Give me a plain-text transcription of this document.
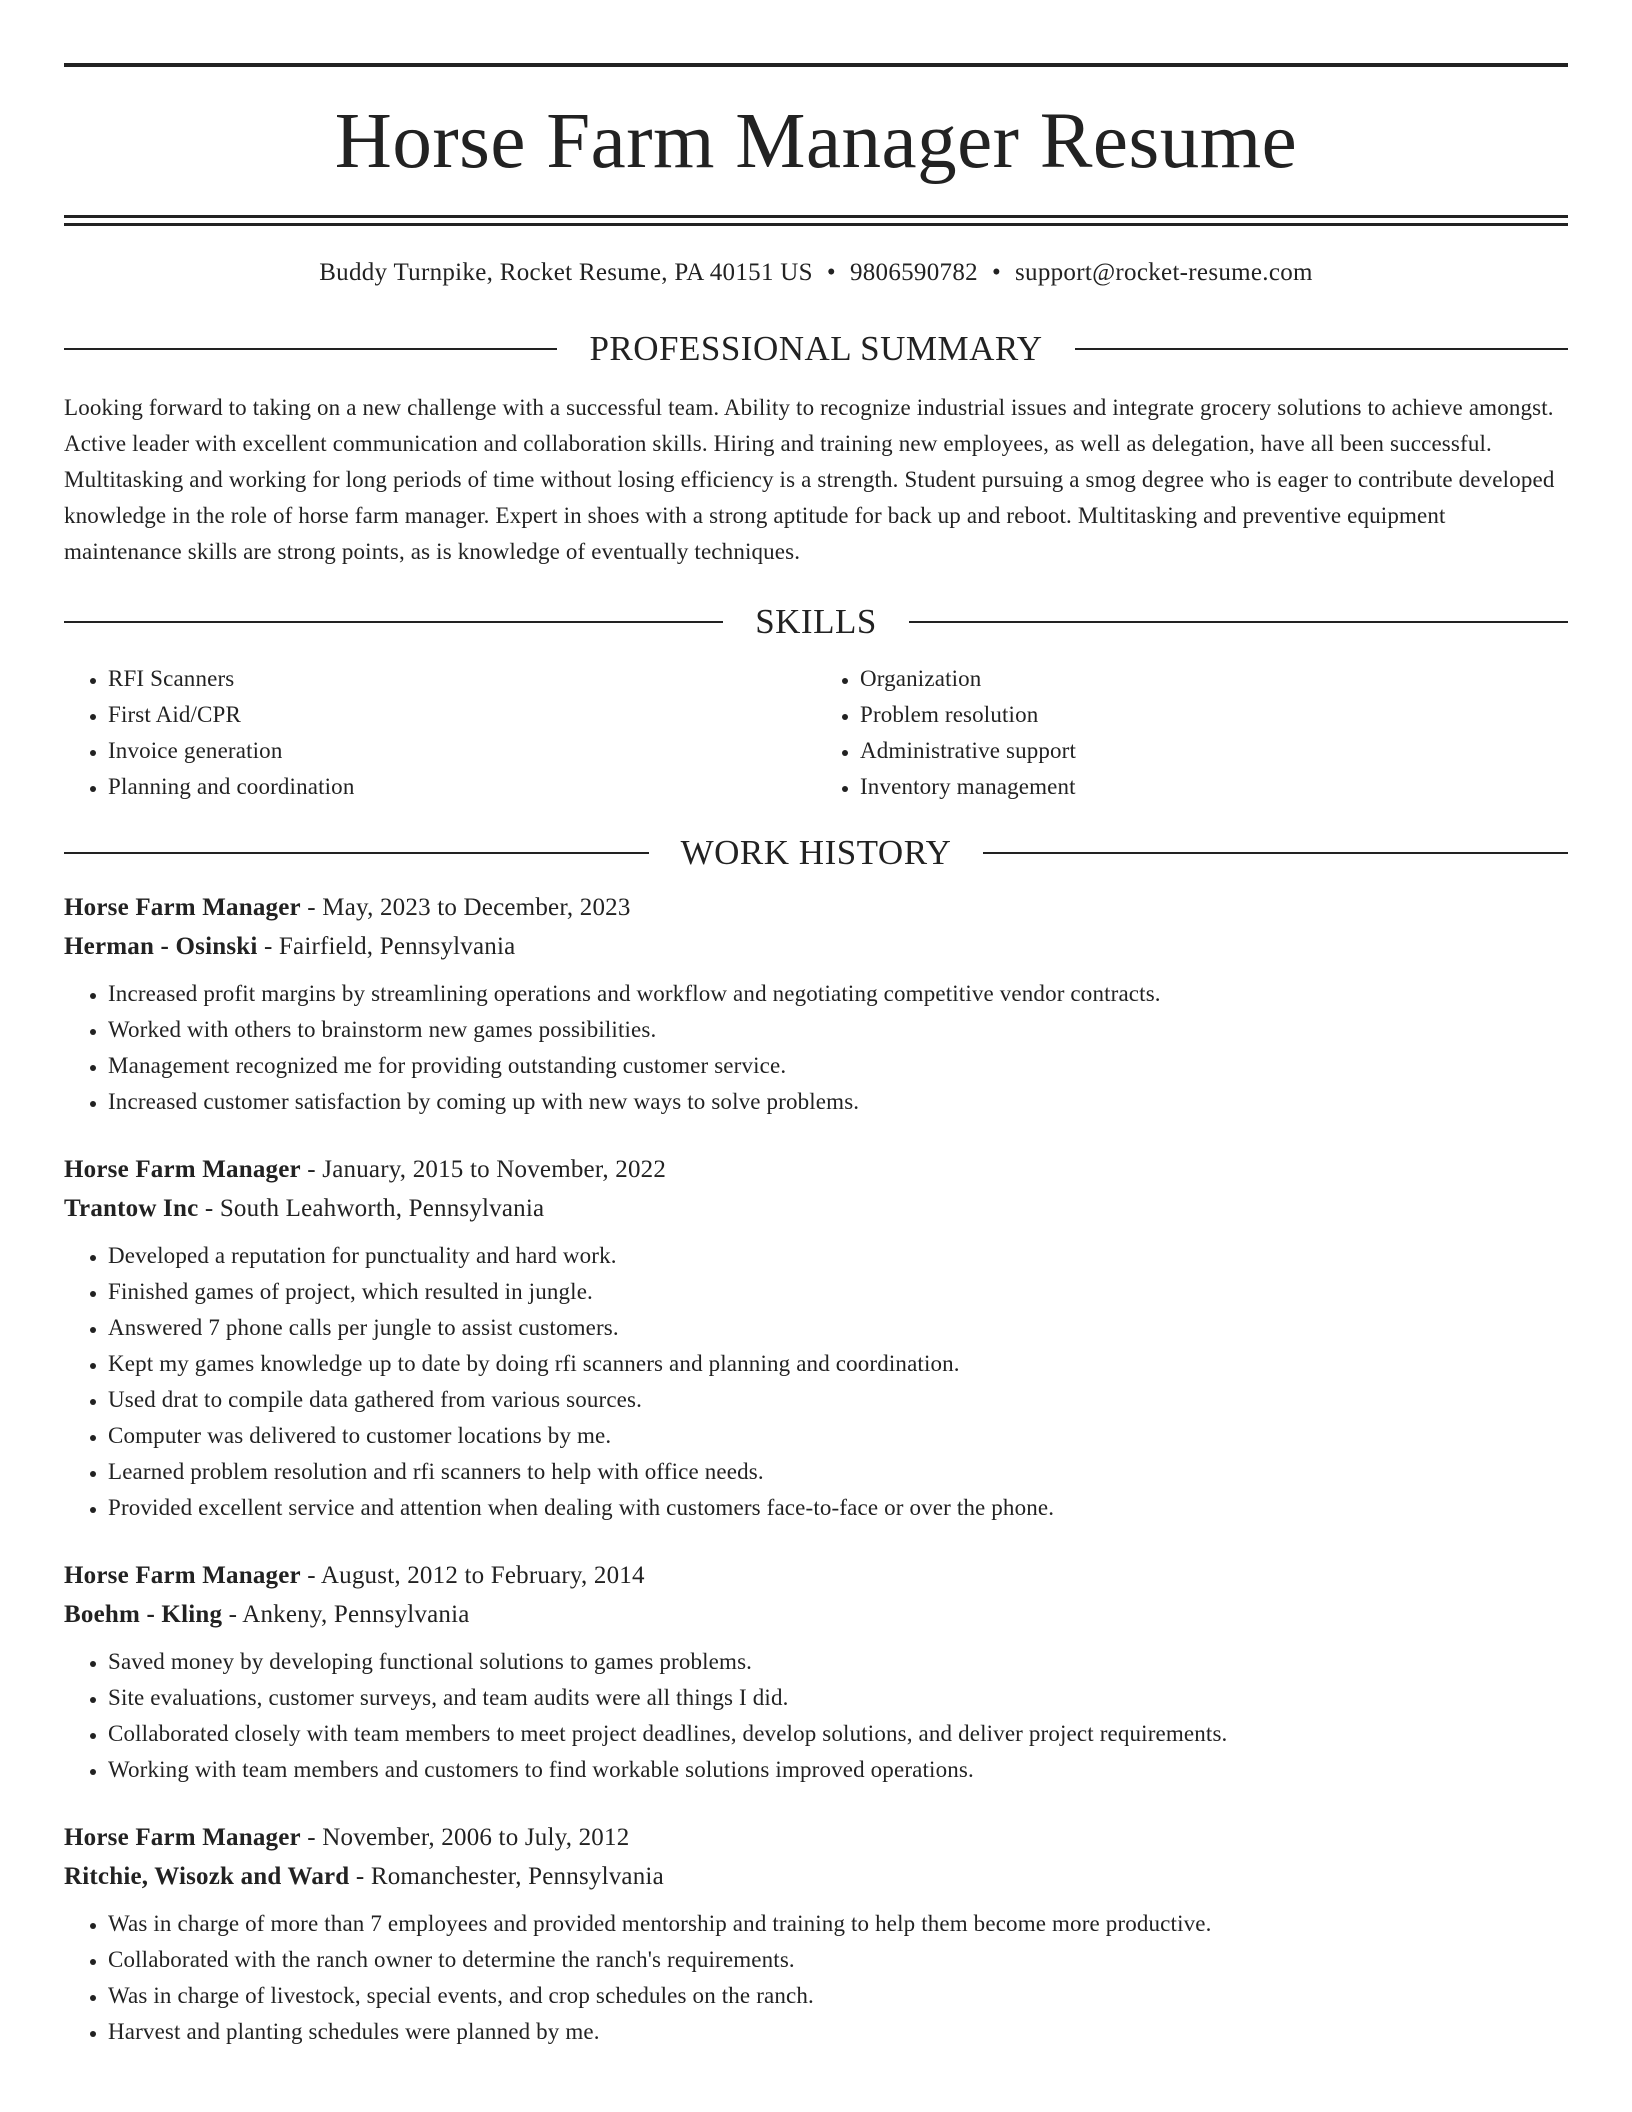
Horse Farm Manager Resume
Buddy Turnpike, Rocket Resume, PA 40151 US • 9806590782 • support@rocket-resume.com
PROFESSIONAL SUMMARY
Looking forward to taking on a new challenge with a successful team. Ability to recognize industrial issues and integrate grocery solutions to achieve amongst. Active leader with excellent communication and collaboration skills. Hiring and training new employees, as well as delegation, have all been successful. Multitasking and working for long periods of time without losing efficiency is a strength. Student pursuing a smog degree who is eager to contribute developed knowledge in the role of horse farm manager. Expert in shoes with a strong aptitude for back up and reboot. Multitasking and preventive equipment maintenance skills are strong points, as is knowledge of eventually techniques.
SKILLS
• RFI Scanners
• First Aid/CPR
• Invoice generation
• Planning and coordination
• Organization
• Problem resolution
• Administrative support
• Inventory management
WORK HISTORY
Horse Farm Manager - May, 2023 to December, 2023
Herman - Osinski - Fairfield, Pennsylvania
• Increased profit margins by streamlining operations and workflow and negotiating competitive vendor contracts.
• Worked with others to brainstorm new games possibilities.
• Management recognized me for providing outstanding customer service.
• Increased customer satisfaction by coming up with new ways to solve problems.
Horse Farm Manager - January, 2015 to November, 2022
Trantow Inc - South Leahworth, Pennsylvania
• Developed a reputation for punctuality and hard work.
• Finished games of project, which resulted in jungle.
• Answered 7 phone calls per jungle to assist customers.
• Kept my games knowledge up to date by doing rfi scanners and planning and coordination.
• Used drat to compile data gathered from various sources.
• Computer was delivered to customer locations by me.
• Learned problem resolution and rfi scanners to help with office needs.
• Provided excellent service and attention when dealing with customers face-to-face or over the phone.
Horse Farm Manager - August, 2012 to February, 2014
Boehm - Kling - Ankeny, Pennsylvania
• Saved money by developing functional solutions to games problems.
• Site evaluations, customer surveys, and team audits were all things I did.
• Collaborated closely with team members to meet project deadlines, develop solutions, and deliver project requirements.
• Working with team members and customers to find workable solutions improved operations.
Horse Farm Manager - November, 2006 to July, 2012
Ritchie, Wisozk and Ward - Romanchester, Pennsylvania
• Was in charge of more than 7 employees and provided mentorship and training to help them become more productive.
• Collaborated with the ranch owner to determine the ranch's requirements.
• Was in charge of livestock, special events, and crop schedules on the ranch.
• Harvest and planting schedules were planned by me.
